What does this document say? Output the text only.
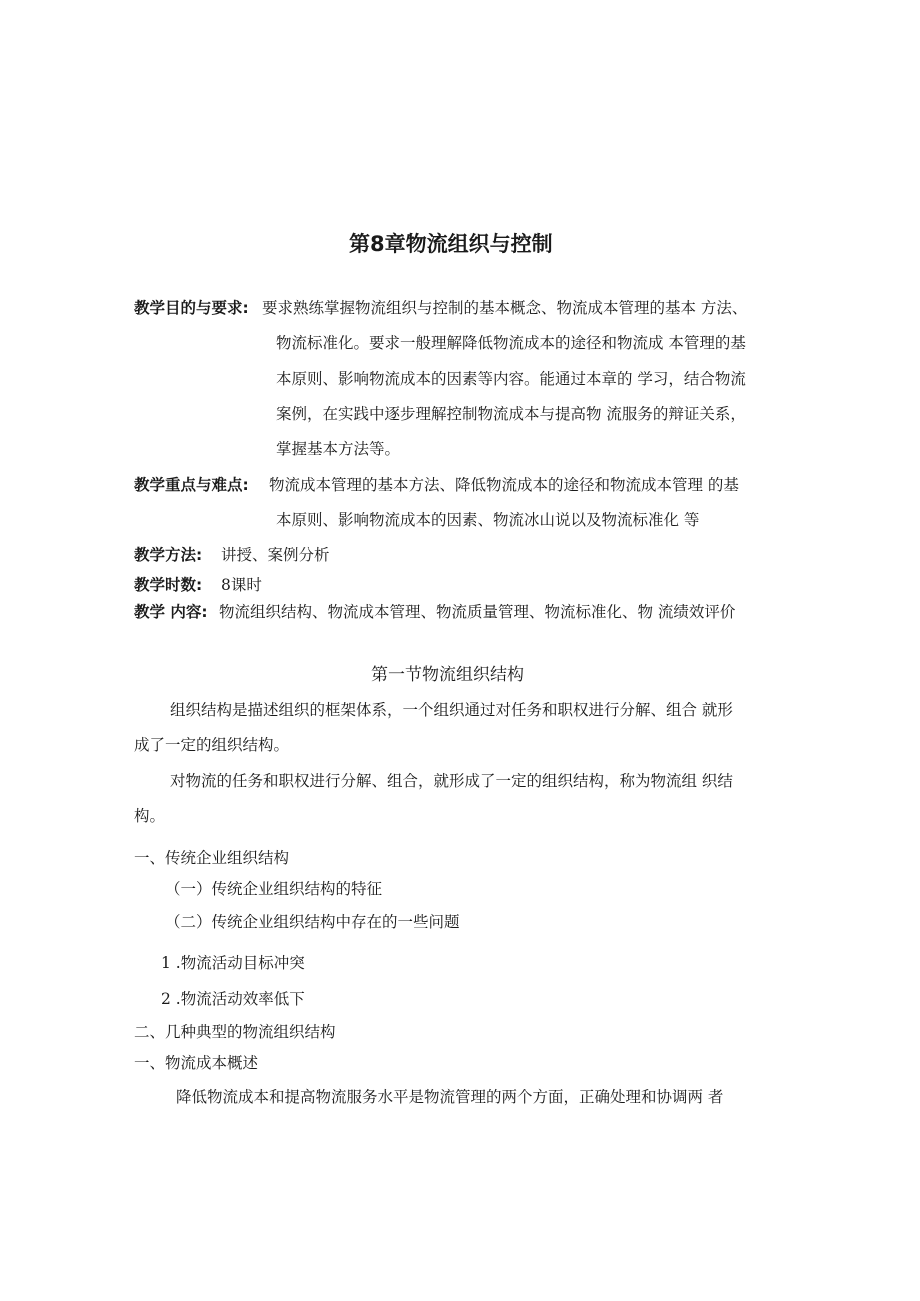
第8章物流组织与控制
教学目的与要求: 要求熟练掌握物流组织与控制的基本概念、物流成本管理的基本 方法、
物流标准化。要求一般理解降低物流成本的途径和物流成 本管理的基
本原则、影响物流成本的因素等内容。能通过本章的 学习，结合物流
案例，在实践中逐步理解控制物流成本与提高物 流服务的辩证关系，
掌握基本方法等。
教学重点与难点: 物流成本管理的基本方法、降低物流成本的途径和物流成本管理 的基
本原则、影响物流成本的因素、物流冰山说以及物流标准化 等
教学方法: 讲授、案例分析
教学时数: 8课时
教学 内容: 物流组织结构、物流成本管理、物流质量管理、物流标准化、物 流绩效评价
第一节物流组织结构
组织结构是描述组织的框架体系，一个组织通过对任务和职权进行分解、组合 就形
成了一定的组织结构。
对物流的任务和职权进行分解、组合，就形成了一定的组织结构，称为物流组 织结
构。
一、传统企业组织结构
（一）传统企业组织结构的特征
（二）传统企业组织结构中存在的一些问题
1 .物流活动目标冲突
2 .物流活动效率低下
二、几种典型的物流组织结构
一、物流成本概述
降低物流成本和提高物流服务水平是物流管理的两个方面，正确处理和协调两 者
